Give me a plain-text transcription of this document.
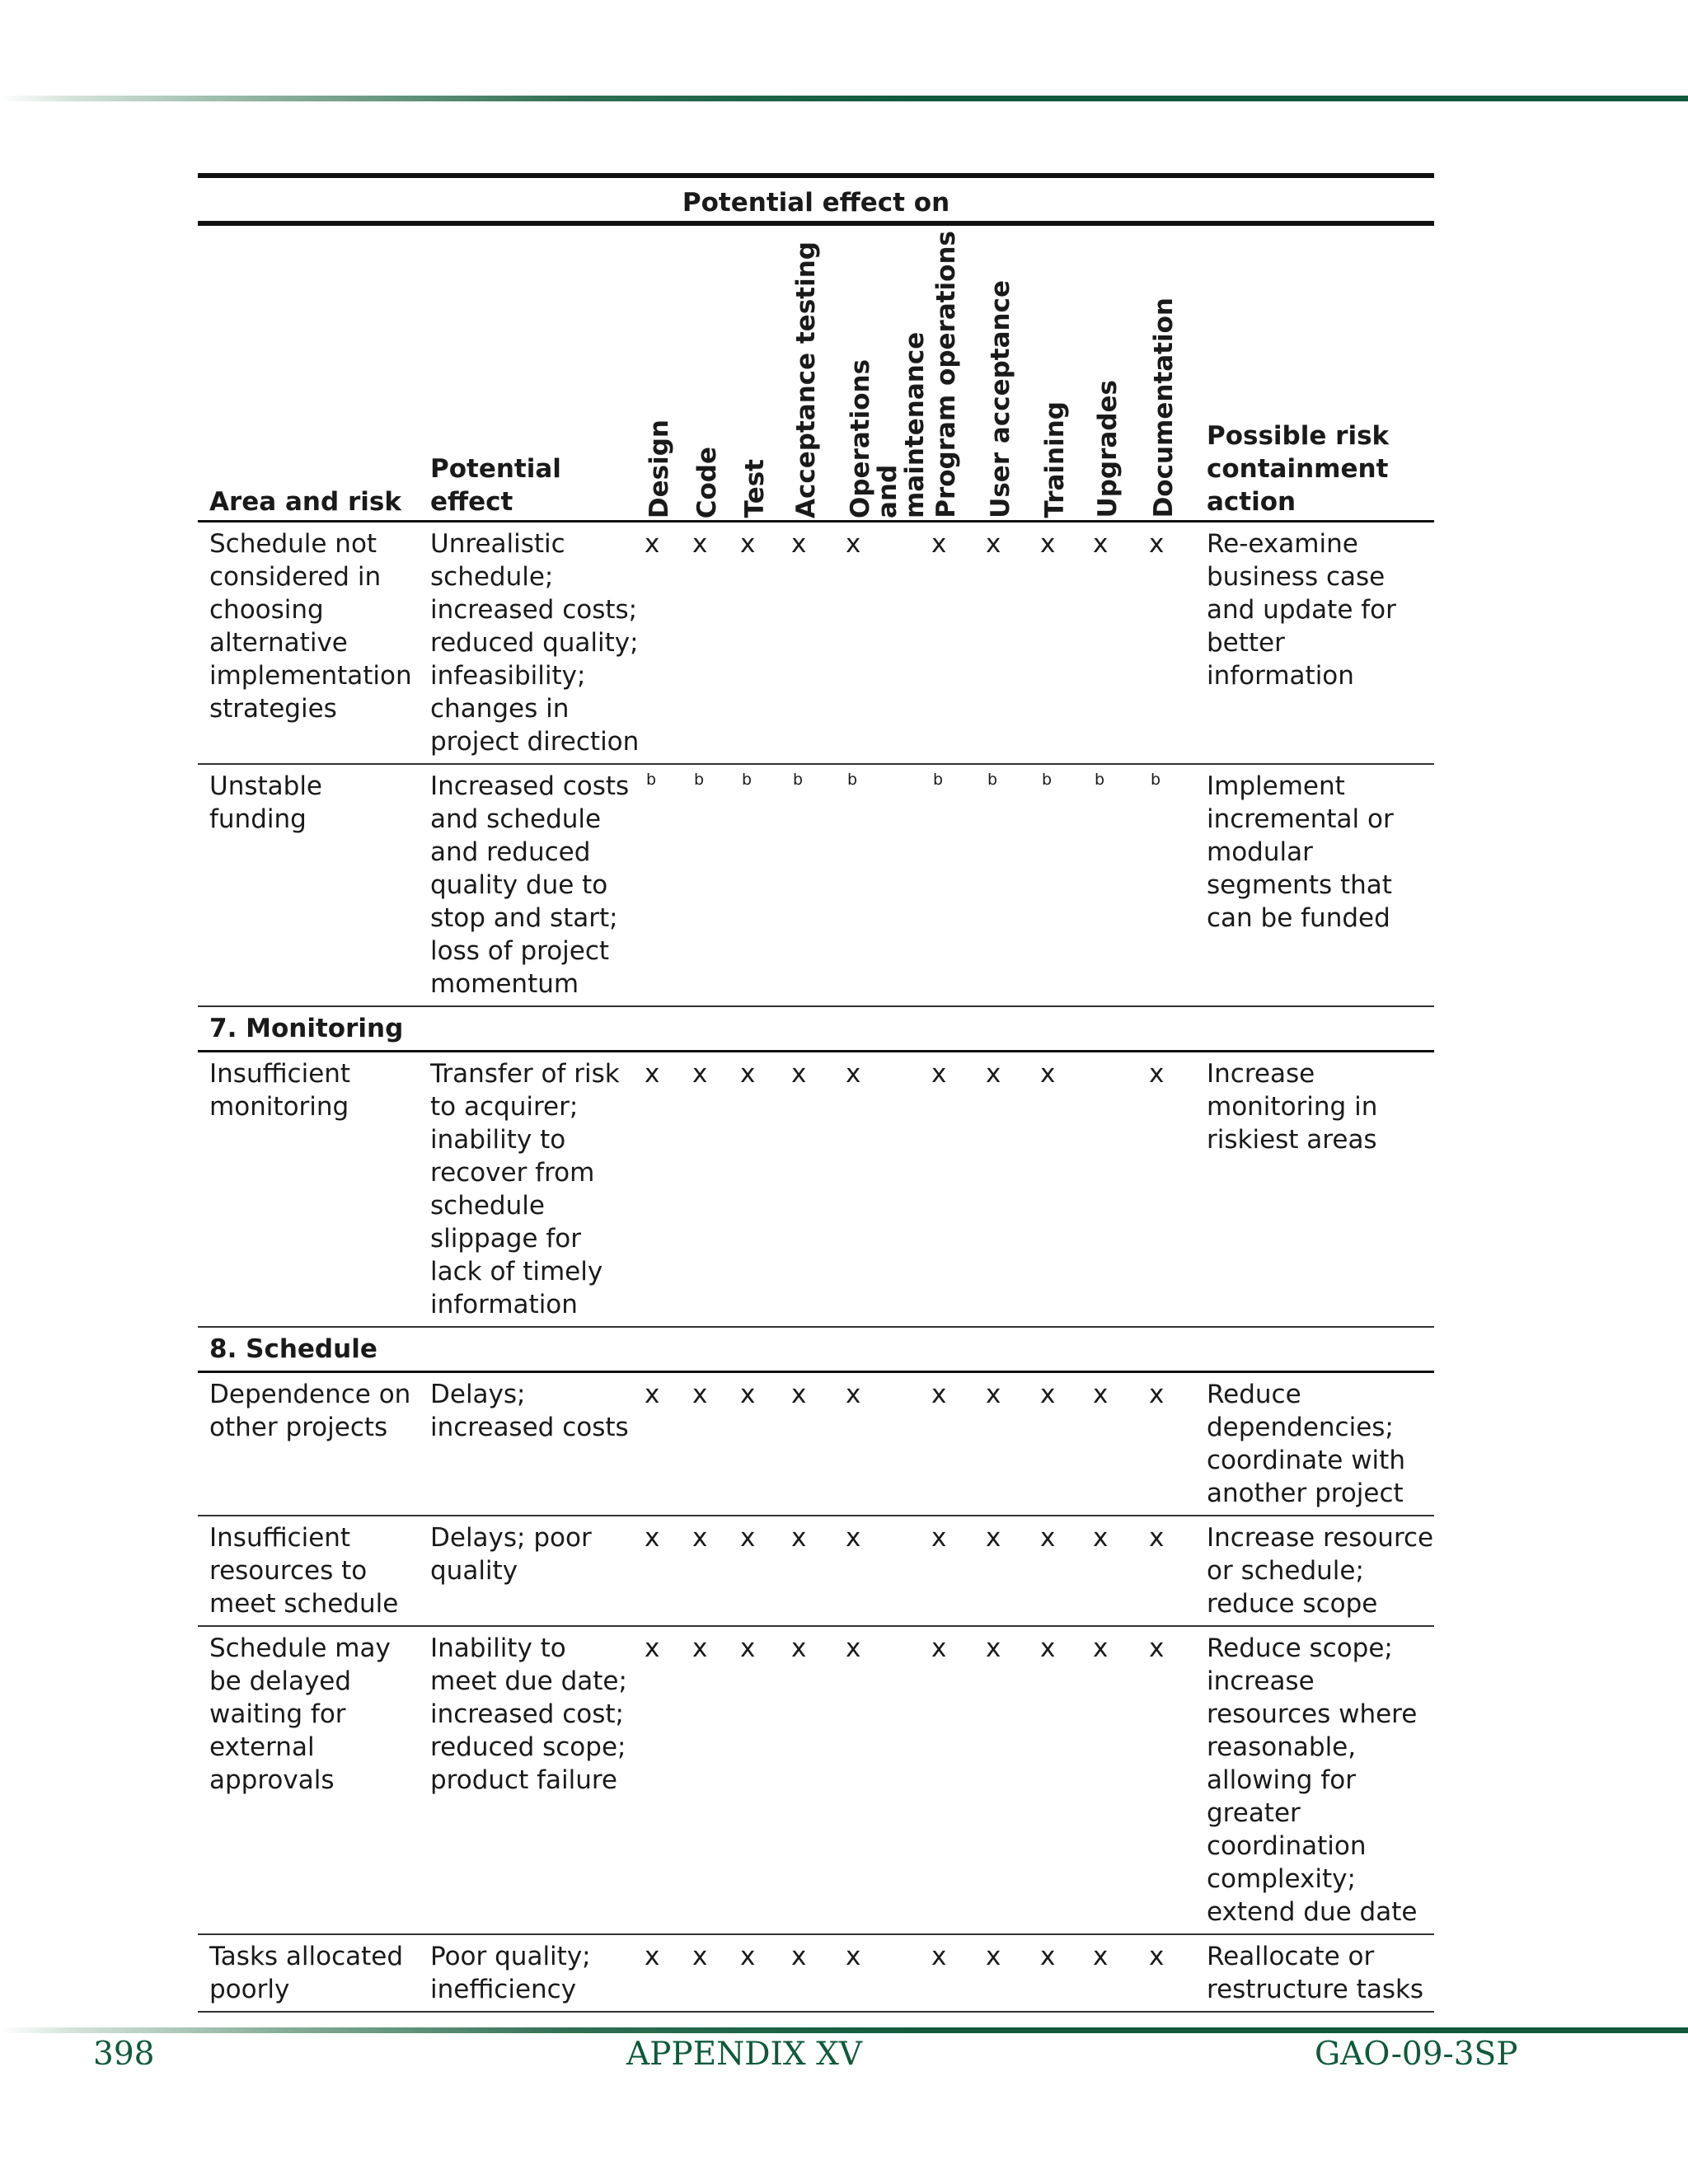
Potential effect on												
Area and risk	Potential effect	Design	Code	Test	Acceptance testing	Operations and maintenance	Program operations	User acceptance	Training	Upgrades	Documentation	Possible risk containment action
Schedule not considered in choosing alternative implementation strategies	Unrealistic schedule; increased costs; reduced quality; infeasibility; changes in project direction	x	x	x	x	x	x	x	x	x	x	Re-examine business case and update for better information
Unstable funding	Increased costs and schedule and reduced quality due to stop and start; loss of project momentum	b	b	b	b	b	b	b	b	b	b	Implement incremental or modular segments that can be funded
7. Monitoring												
Insufficient monitoring	Transfer of risk to acquirer; inability to recover from schedule slippage for lack of timely information	x	x	x	x	x	x	x	x		x	Increase monitoring in riskiest areas
8. Schedule												
Dependence on other projects	Delays; increased costs	x	x	x	x	x	x	x	x	x	x	Reduce dependencies; coordinate with another project
Insufficient resources to meet schedule	Delays; poor quality	x	x	x	x	x	x	x	x	x	x	Increase resource or schedule; reduce scope
Schedule may be delayed waiting for external approvals	Inability to meet due date; increased cost; reduced scope; product failure	x	x	x	x	x	x	x	x	x	x	Reduce scope; increase resources where reasonable, allowing for greater coordination complexity; extend due date
Tasks allocated poorly	Poor quality; inefficiency	x	x	x	x	x	x	x	x	x	x	Reallocate or restructure tasks
398	APPENDIX XV	GAO-09-3SP
